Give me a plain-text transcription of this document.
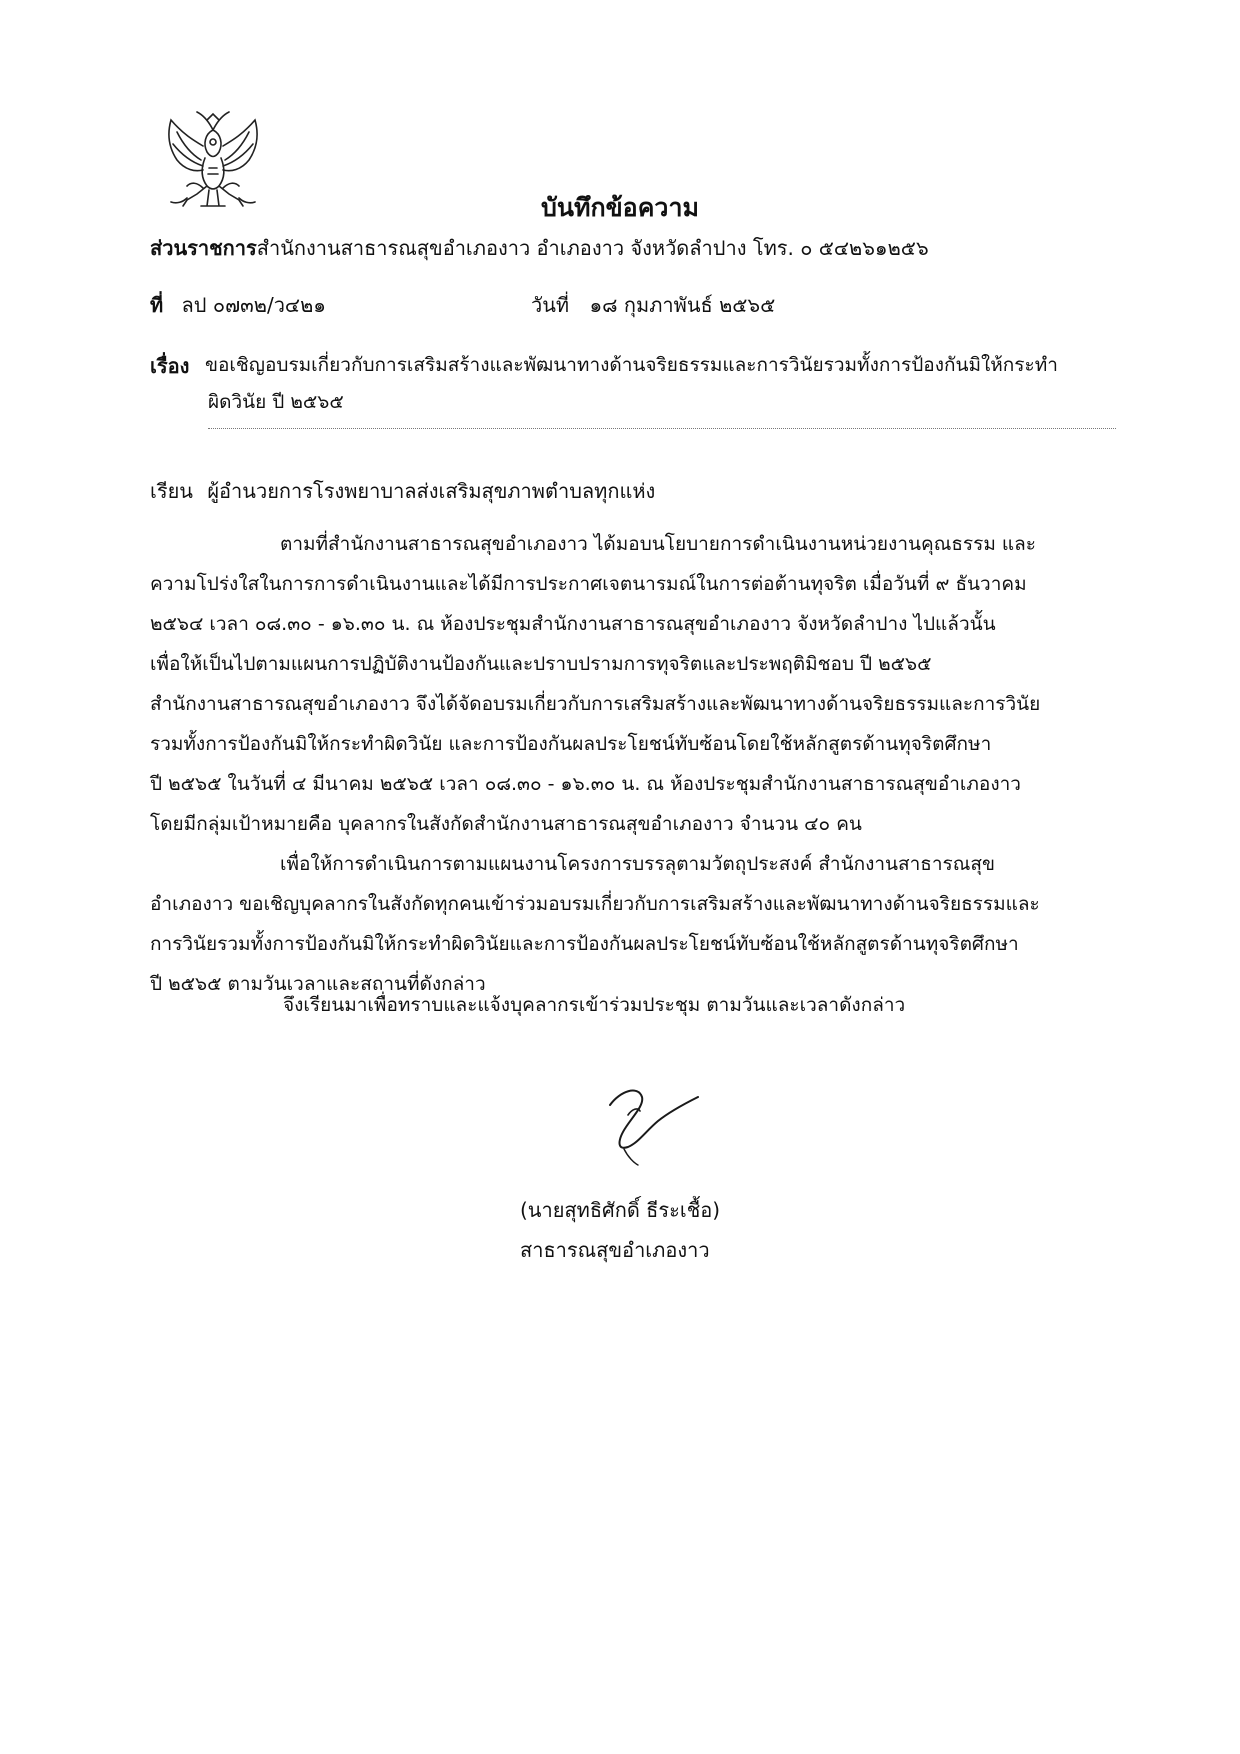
บันทึกข้อความ
ส่วนราชการสำนักงานสาธารณสุขอำเภองาว อำเภองาว จังหวัดลำปาง โทร. ๐ ๕๔๒๖๑๒๕๖
ที่ ลป ๐๗๓๒/ว๔๒๑	วันที่ ๑๘ กุมภาพันธ์ ๒๕๖๕
เรื่อง ขอเชิญอบรมเกี่ยวกับการเสริมสร้างและพัฒนาทางด้านจริยธรรมและการวินัยรวมทั้งการป้องกันมิให้กระทำ
ผิดวินัย ปี ๒๕๖๕
เรียน ผู้อำนวยการโรงพยาบาลส่งเสริมสุขภาพตำบลทุกแห่ง

ตามที่สำนักงานสาธารณสุขอำเภองาว ได้มอบนโยบายการดำเนินงานหน่วยงานคุณธรรม และ

ความโปร่งใสในการการดำเนินงานและได้มีการประกาศเจตนารมณ์ในการต่อต้านทุจริต เมื่อวันที่ ๙ ธันวาคม

๒๕๖๔ เวลา ๐๘.๓๐ - ๑๖.๓๐ น. ณ ห้องประชุมสำนักงานสาธารณสุขอำเภองาว จังหวัดลำปาง ไปแล้วนั้น

เพื่อให้เป็นไปตามแผนการปฏิบัติงานป้องกันและปราบปรามการทุจริตและประพฤติมิชอบ ปี ๒๕๖๕

สำนักงานสาธารณสุขอำเภองาว จึงได้จัดอบรมเกี่ยวกับการเสริมสร้างและพัฒนาทางด้านจริยธรรมและการวินัย

รวมทั้งการป้องกันมิให้กระทำผิดวินัย และการป้องกันผลประโยชน์ทับซ้อนโดยใช้หลักสูตรด้านทุจริตศึกษา

ปี ๒๕๖๕ ในวันที่ ๔ มีนาคม ๒๕๖๕ เวลา ๐๘.๓๐ - ๑๖.๓๐ น. ณ ห้องประชุมสำนักงานสาธารณสุขอำเภองาว

โดยมีกลุ่มเป้าหมายคือ บุคลากรในสังกัดสำนักงานสาธารณสุขอำเภองาว จำนวน ๔๐ คน

เพื่อให้การดำเนินการตามแผนงานโครงการบรรลุตามวัตถุประสงค์ สำนักงานสาธารณสุข

อำเภองาว ขอเชิญบุคลากรในสังกัดทุกคนเข้าร่วมอบรมเกี่ยวกับการเสริมสร้างและพัฒนาทางด้านจริยธรรมและ

การวินัยรวมทั้งการป้องกันมิให้กระทำผิดวินัยและการป้องกันผลประโยชน์ทับซ้อนใช้หลักสูตรด้านทุจริตศึกษา

ปี ๒๕๖๕ ตามวันเวลาและสถานที่ดังกล่าว

จึงเรียนมาเพื่อทราบและแจ้งบุคลากรเข้าร่วมประชุม ตามวันและเวลาดังกล่าว
(นายสุทธิศักดิ์ ธีระเชื้อ)
สาธารณสุขอำเภองาว
